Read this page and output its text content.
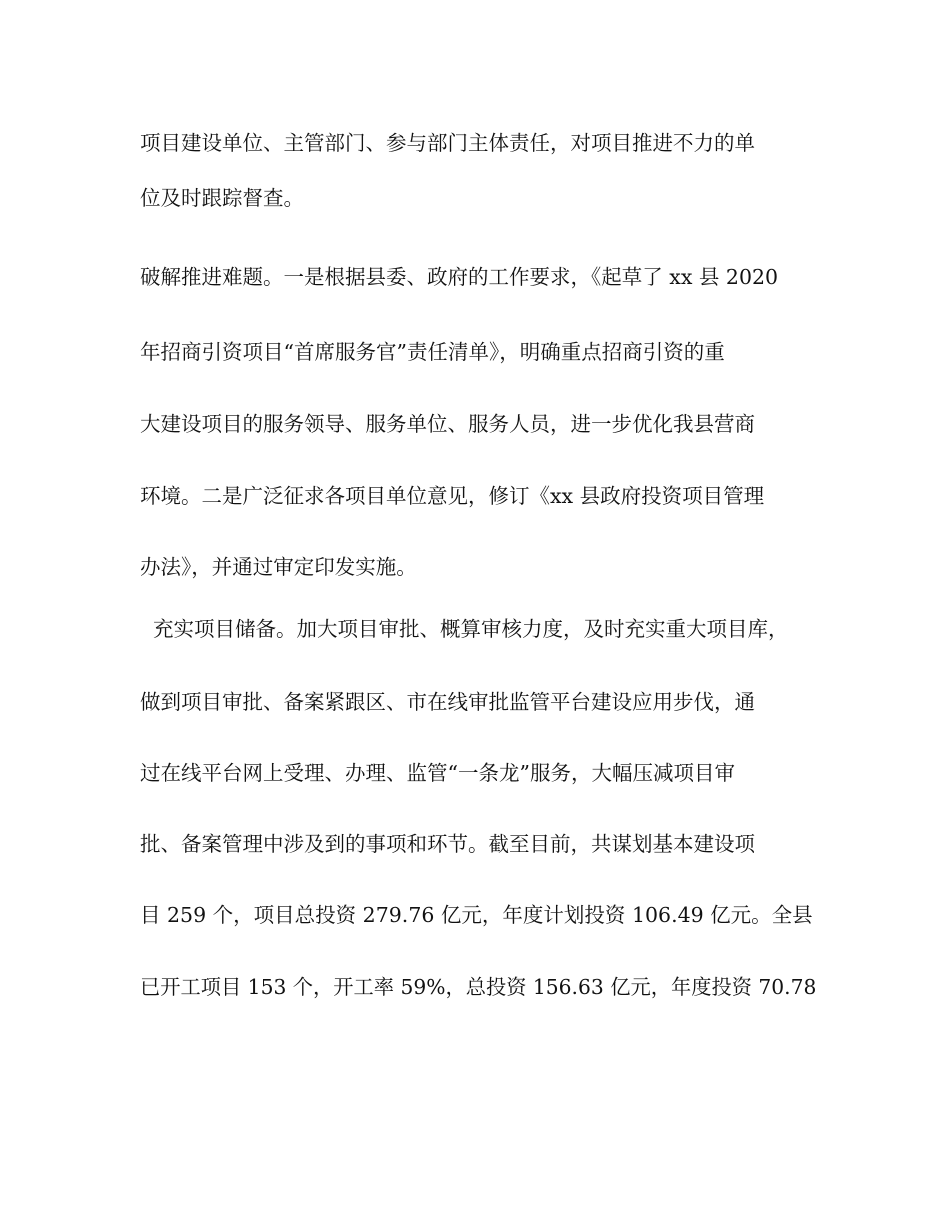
项目建设单位、主管部门、参与部门主体责任，对项目推进不力的单
位及时跟踪督查。
破解推进难题。一是根据县委、政府的工作要求，《起草了 xx 县 2020
年招商引资项目“首席服务官”责任清单》，明确重点招商引资的重
大建设项目的服务领导、服务单位、服务人员，进一步优化我县营商
环境。二是广泛征求各项目单位意见，修订《xx 县政府投资项目管理
办法》，并通过审定印发实施。
充实项目储备。加大项目审批、概算审核力度，及时充实重大项目库，
做到项目审批、备案紧跟区、市在线审批监管平台建设应用步伐，通
过在线平台网上受理、办理、监管“一条龙”服务，大幅压减项目审
批、备案管理中涉及到的事项和环节。截至目前，共谋划基本建设项
目 259 个，项目总投资 279.76 亿元，年度计划投资 106.49 亿元。全县
已开工项目 153 个，开工率 59%，总投资 156.63 亿元，年度投资 70.78
